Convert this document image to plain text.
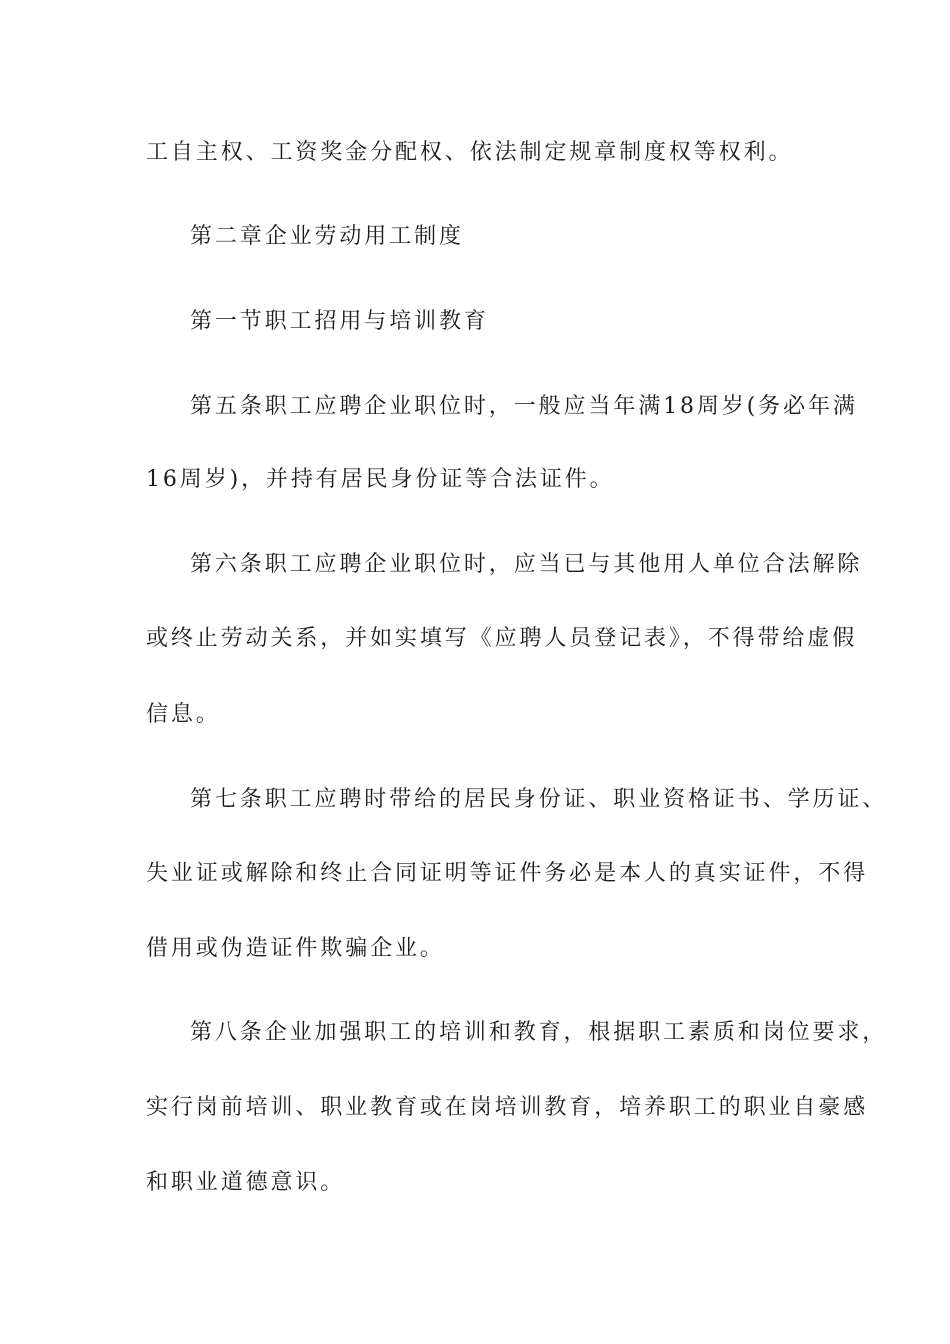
工自主权、工资奖金分配权、依法制定规章制度权等权利。
第二章企业劳动用工制度
第一节职工招用与培训教育
第五条职工应聘企业职位时，一般应当年满18周岁(务必年满
16周岁)，并持有居民身份证等合法证件。
第六条职工应聘企业职位时，应当已与其他用人单位合法解除
或终止劳动关系，并如实填写《应聘人员登记表》，不得带给虚假
信息。
第七条职工应聘时带给的居民身份证、职业资格证书、学历证、
失业证或解除和终止合同证明等证件务必是本人的真实证件，不得
借用或伪造证件欺骗企业。
第八条企业加强职工的培训和教育，根据职工素质和岗位要求，
实行岗前培训、职业教育或在岗培训教育，培养职工的职业自豪感
和职业道德意识。
